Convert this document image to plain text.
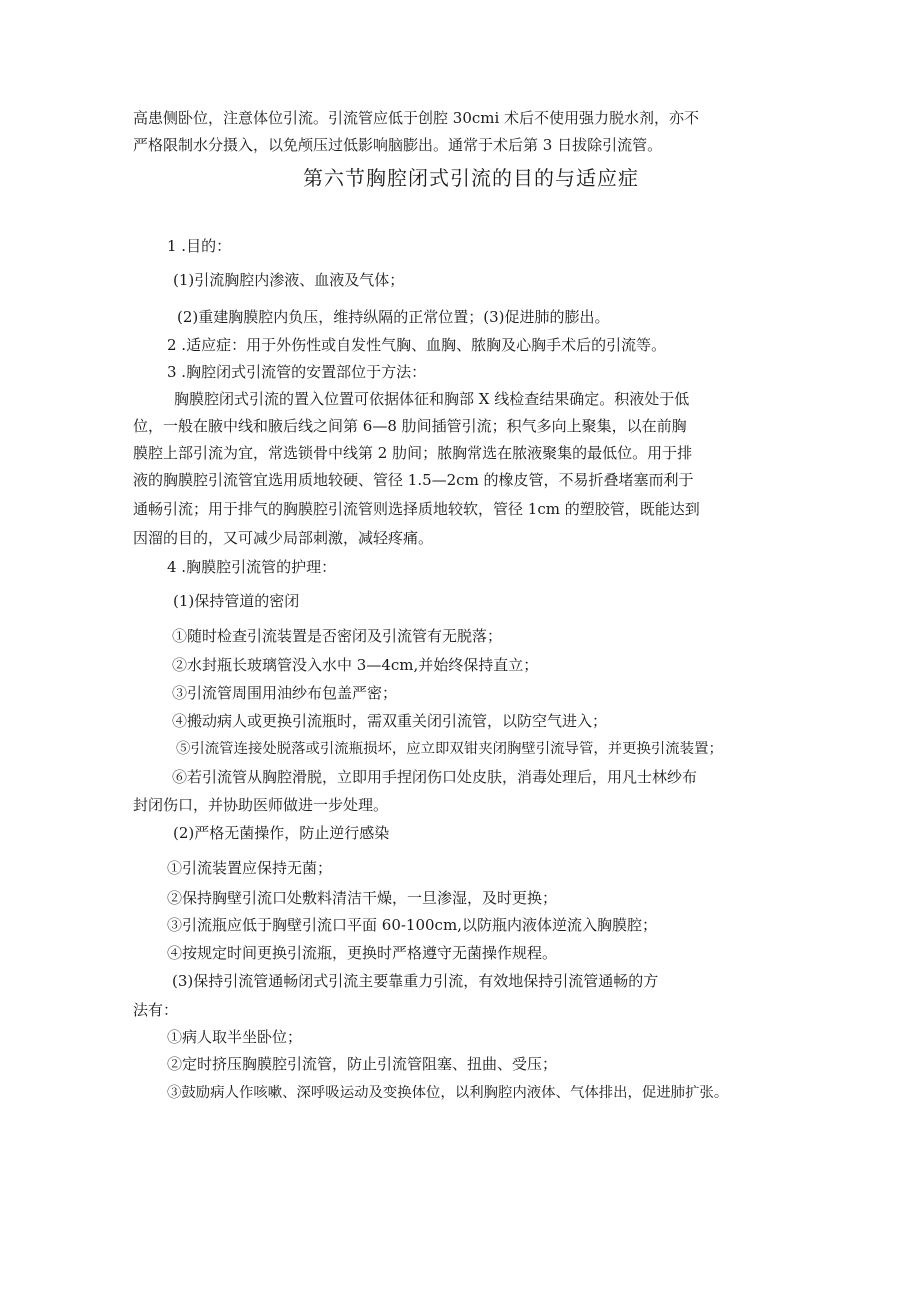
高患侧卧位，注意体位引流。引流管应低于创腔 30cmi 术后不使用强力脱水剂，亦不
严格限制水分摄入，以免颅压过低影响脑膨出。通常于术后第 3 日拔除引流管。
第六节胸腔闭式引流的目的与适应症
1 .目的：
(1)引流胸腔内渗液、血液及气体；
(2)重建胸膜腔内负压，维持纵隔的正常位置；(3)促进肺的膨出。
2 .适应症：用于外伤性或自发性气胸、血胸、脓胸及心胸手术后的引流等。
3 .胸腔闭式引流管的安置部位于方法：
胸膜腔闭式引流的置入位置可依据体征和胸部 X 线检查结果确定。积液处于低
位，一般在腋中线和腋后线之间第 6—8 肋间插管引流；积气多向上聚集，以在前胸
膜腔上部引流为宜，常选锁骨中线第 2 肋间；脓胸常选在脓液聚集的最低位。用于排
液的胸膜腔引流管宜选用质地较硬、管径 1.5—2cm 的橡皮管，不易折叠堵塞而利于
通畅引流；用于排气的胸膜腔引流管则选择质地较软，管径 1cm 的塑胶管，既能达到
因溜的目的，又可减少局部刺激，减轻疼痛。
4 .胸膜腔引流管的护理：
(1)保持管道的密闭
①随时检查引流装置是否密闭及引流管有无脱落；
②水封瓶长玻璃管没入水中 3—4cm,并始终保持直立；
③引流管周围用油纱布包盖严密；
④搬动病人或更换引流瓶时，需双重关闭引流管，以防空气进入；
⑤引流管连接处脱落或引流瓶损坏，应立即双钳夹闭胸壁引流导管，并更换引流装置；
⑥若引流管从胸腔滑脱，立即用手捏闭伤口处皮肤，消毒处理后，用凡士林纱布
封闭伤口，并协助医师做进一步处理。
(2)严格无菌操作，防止逆行感染
①引流装置应保持无菌；
②保持胸壁引流口处敷料清洁干燥，一旦渗湿，及时更换；
③引流瓶应低于胸壁引流口平面 60-100cm,以防瓶内液体逆流入胸膜腔；
④按规定时间更换引流瓶，更换时严格遵守无菌操作规程。
(3)保持引流管通畅闭式引流主要靠重力引流，有效地保持引流管通畅的方
法有：
①病人取半坐卧位；
②定时挤压胸膜腔引流管，防止引流管阻塞、扭曲、受压；
③鼓励病人作咳嗽、深呼吸运动及变换体位，以利胸腔内液体、气体排出，促进肺扩张。
